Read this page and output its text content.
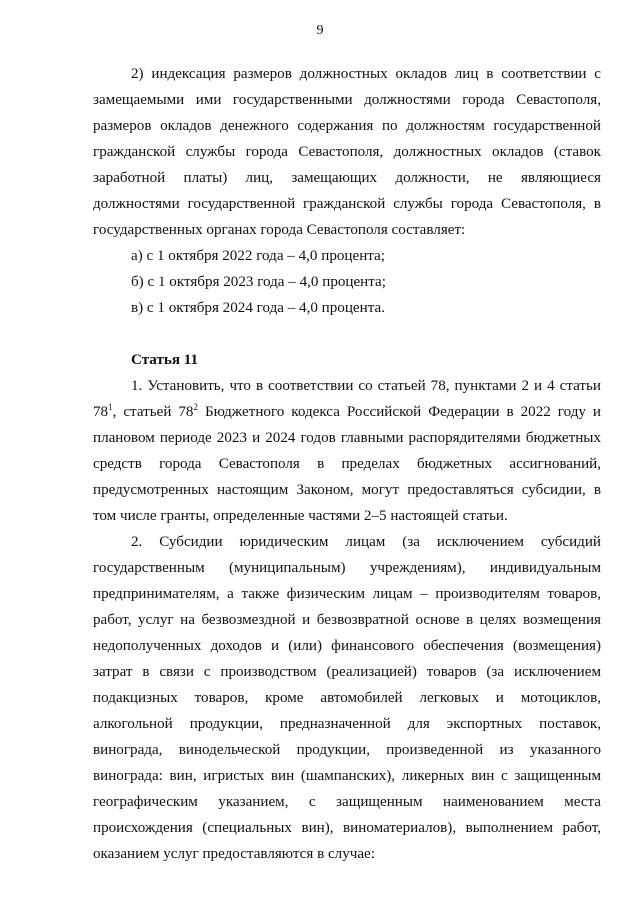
9

2) индексация размеров должностных окладов лиц в соответствии с замещаемыми ими государственными должностями города Севастополя, размеров окладов денежного содержания по должностям государственной гражданской службы города Севастополя, должностных окладов (ставок заработной платы) лиц, замещающих должности, не являющиеся должностями государственной гражданской службы города Севастополя, в государственных органах города Севастополя составляет:

а) с 1 октября 2022 года – 4,0 процента;

б) с 1 октября 2023 года – 4,0 процента;

в) с 1 октября 2024 года – 4,0 процента.

Статья 11

1. Установить, что в соответствии со статьей 78, пунктами 2 и 4 статьи $78^1$, статьей $78^2$ Бюджетного кодекса Российской Федерации в 2022 году и плановом периоде 2023 и 2024 годов главными распорядителями бюджетных средств города Севастополя в пределах бюджетных ассигнований, предусмотренных настоящим Законом, могут предоставляться субсидии, в том числе гранты, определенные частями 2–5 настоящей статьи.

2. Субсидии юридическим лицам (за исключением субсидий государственным (муниципальным) учреждениям), индивидуальным предпринимателям, а также физическим лицам – производителям товаров, работ, услуг на безвозмездной и безвозвратной основе в целях возмещения недополученных доходов и (или) финансового обеспечения (возмещения) затрат в связи с производством (реализацией) товаров (за исключением подакцизных товаров, кроме автомобилей легковых и мотоциклов, алкогольной продукции, предназначенной для экспортных поставок, винограда, винодельческой продукции, произведенной из указанного винограда: вин, игристых вин (шампанских), ликерных вин с защищенным географическим указанием, с защищенным наименованием места происхождения (специальных вин), виноматериалов), выполнением работ, оказанием услуг предоставляются в случае:
